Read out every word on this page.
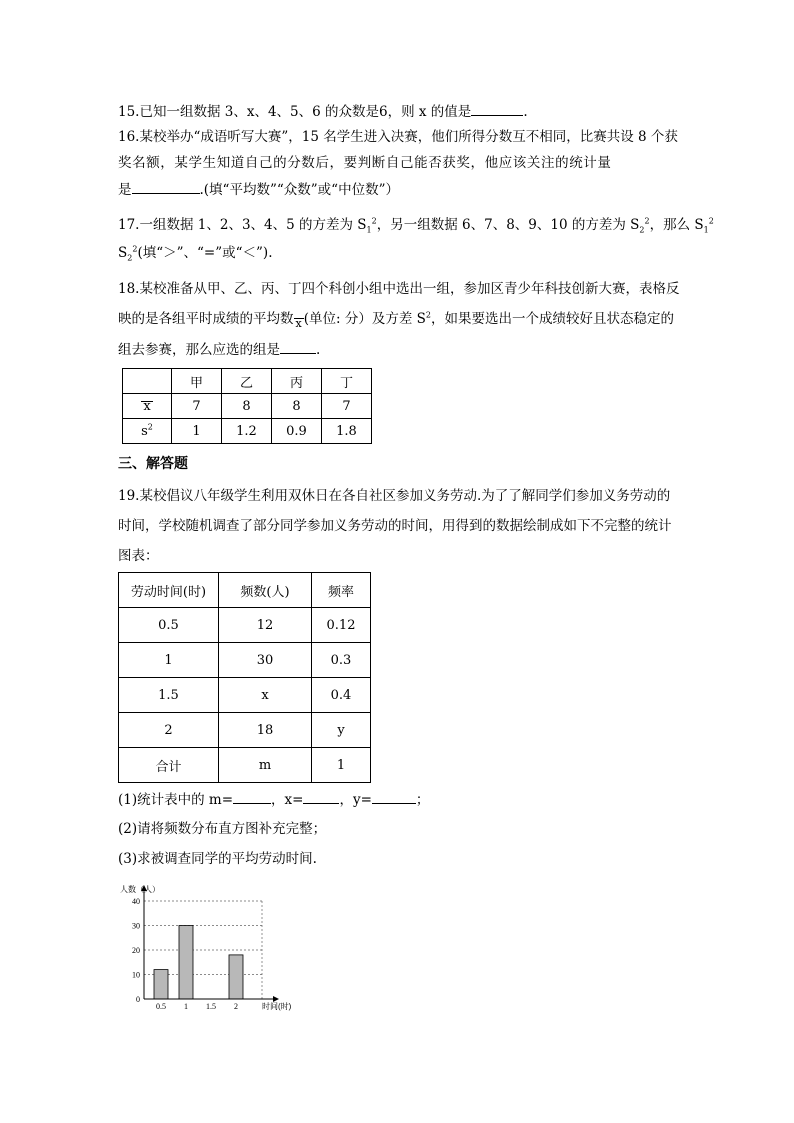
15.已知一组数据 3、x、4、5、6 的众数是6，则 x 的值是	.
16.某校举办“成语听写大赛”，15 名学生进入决赛，他们所得分数互不相同，比赛共设 8 个获
奖名额，某学生知道自己的分数后，要判断自己能否获奖，他应该关注的统计量
是	.(填“平均数”“众数”或“中位数”）
17.一组数据 1、2、3、4、5 的方差为 $S_1^2$，另一组数据 6、7、8、9、10 的方差为 $S_2^2$，那么 $S_1^2$
$S_2^2$(填“＞”、“=”或“＜”).
18.某校准备从甲、乙、丙、丁四个科创小组中选出一组，参加区青少年科技创新大赛，表格反
映的是各组平时成绩的平均数 x (单位: 分）及方差 $S^2$，如果要选出一个成绩较好且状态稳定的
组去参赛，那么应选的组是	.
	甲	乙	丙	丁
x	7	8	8	7
$s^2$	1	1.2	0.9	1.8
三、解答题
19.某校倡议八年级学生利用双休日在各自社区参加义务劳动.为了了解同学们参加义务劳动的
时间，学校随机调查了部分同学参加义务劳动的时间，用得到的数据绘制成如下不完整的统计
图表：
劳动时间(时)	频数(人)	频率
0.5	12	0.12
1	30	0.3
1.5	x	0.4
2	18	y
合计	m	1
(1)统计表中的 m=	，x=	，y=	；
(2)请将频数分布直方图补充完整；
(3)求被调查同学的平均劳动时间.
0
10
20
30
40
0.5 1 1.5 2
人数（人）
时间(时)
